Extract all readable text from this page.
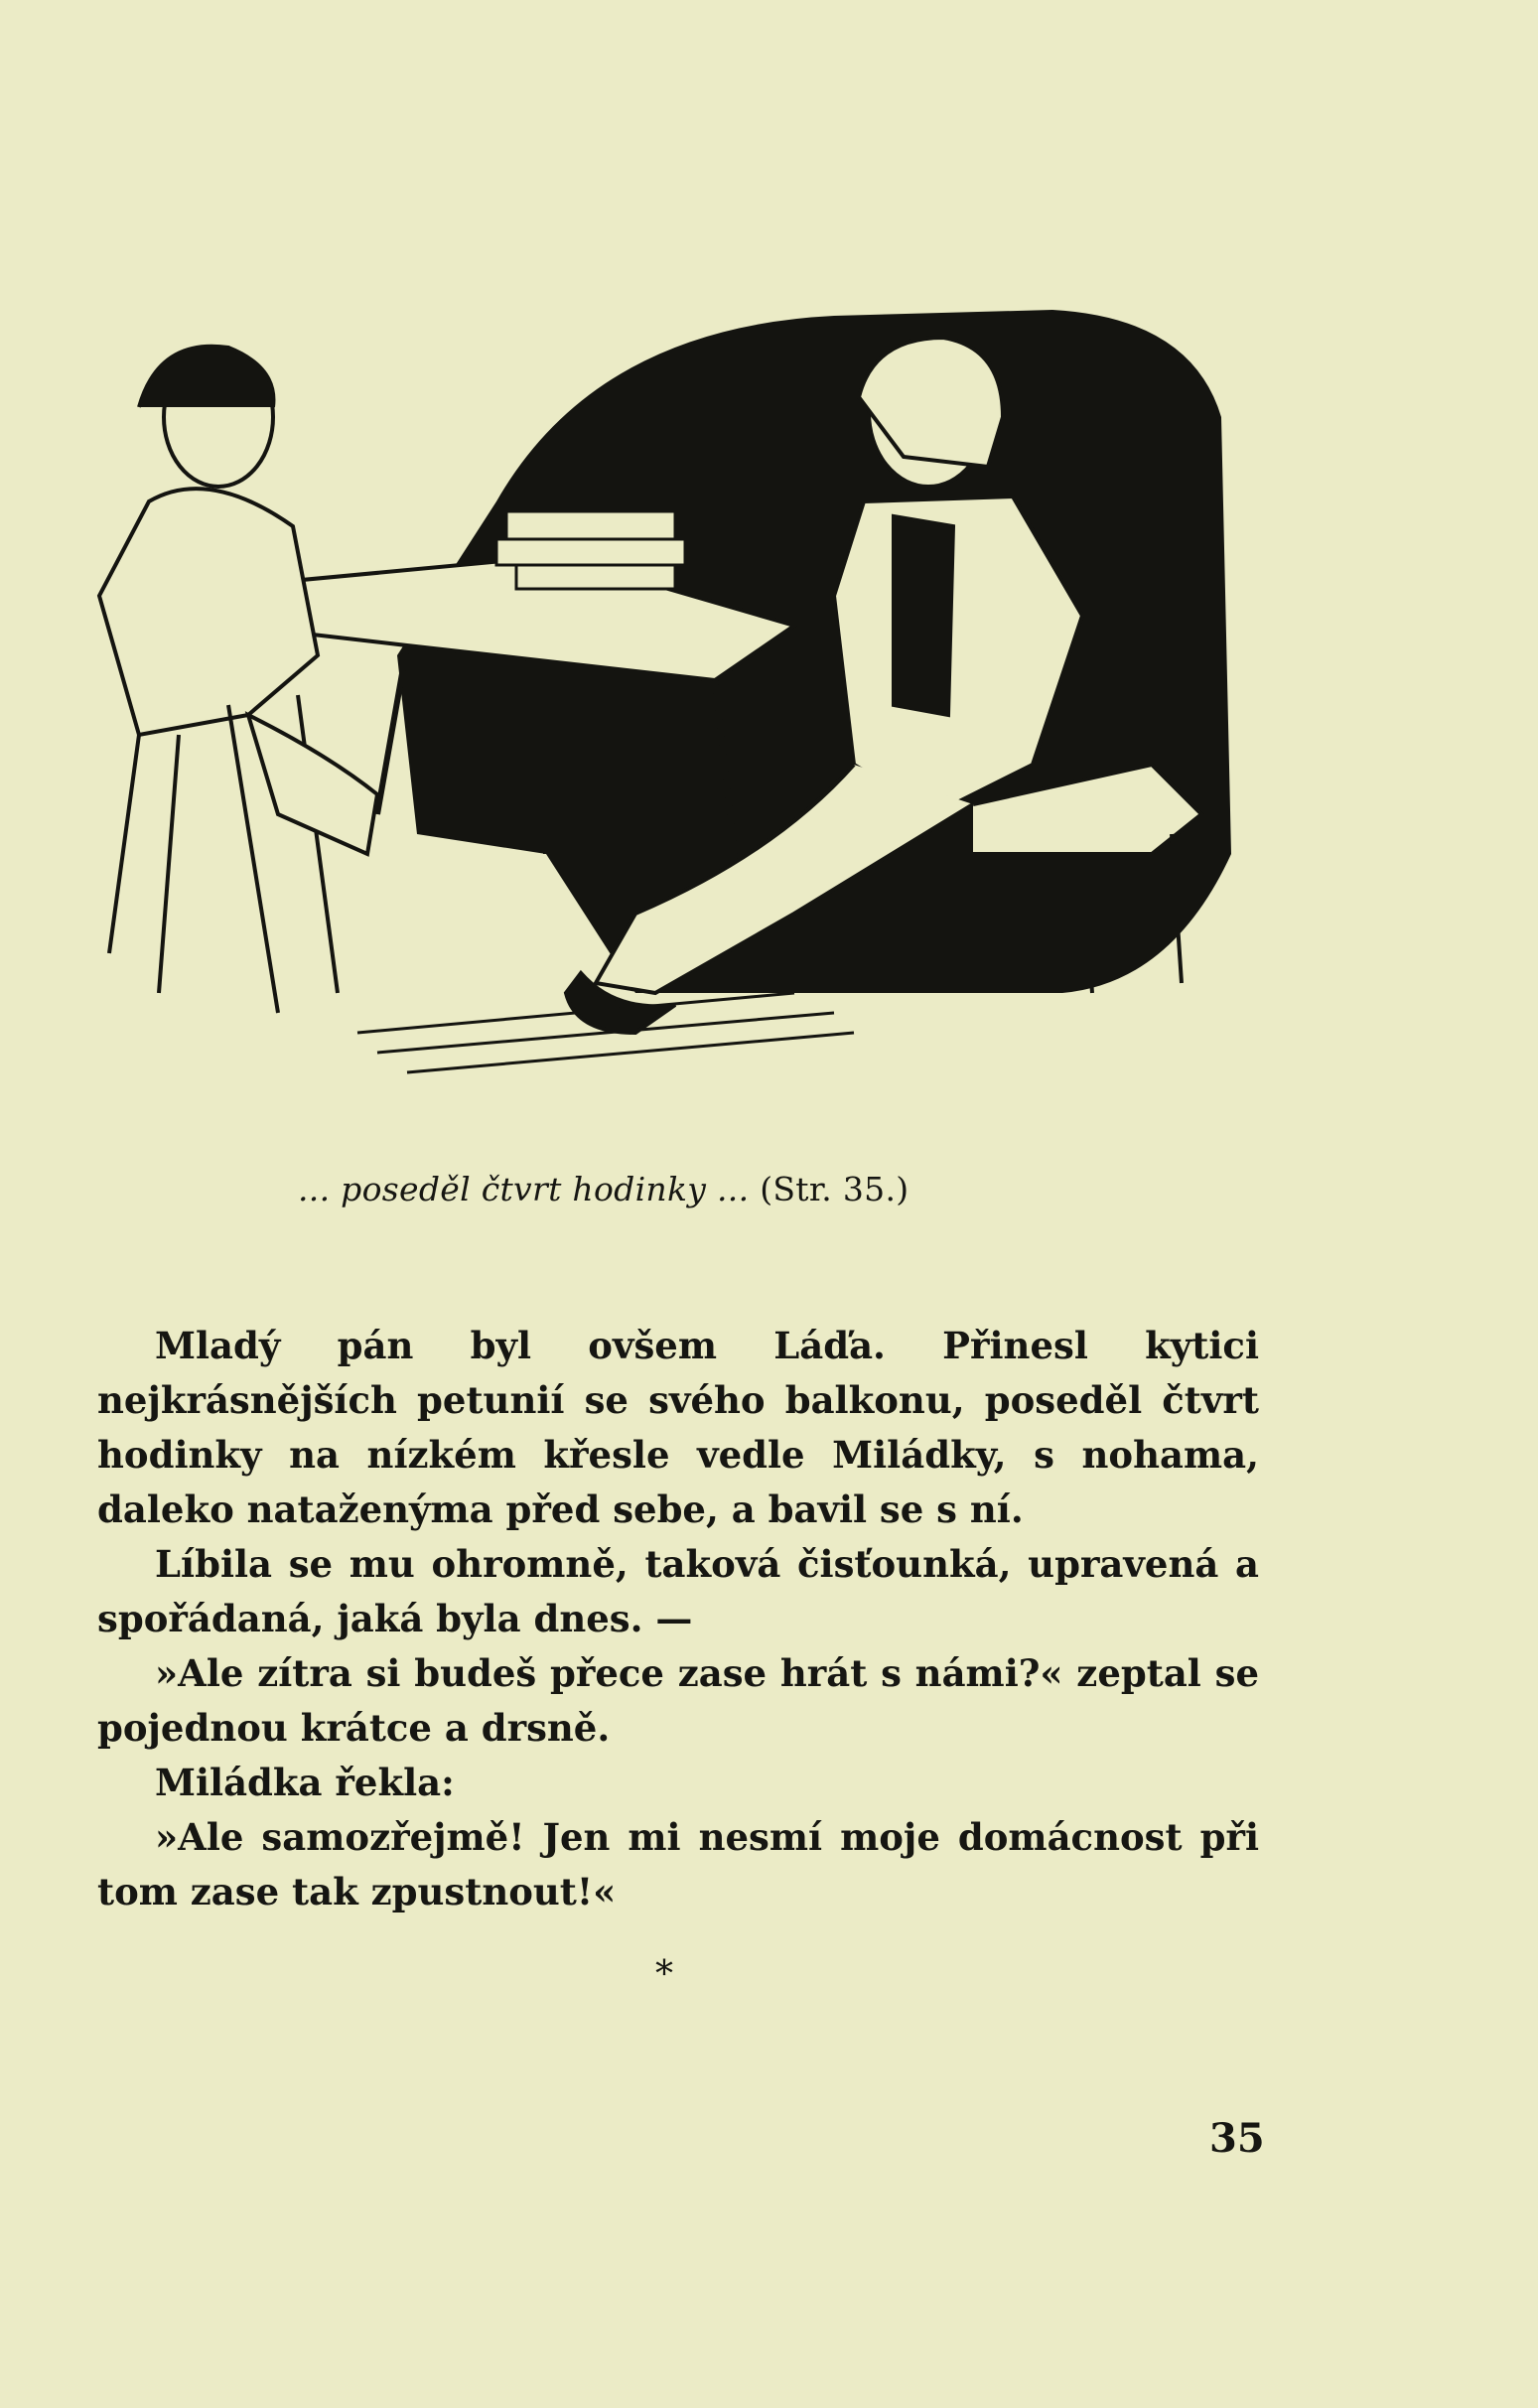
... poseděl čtvrt hodinky ... (Str. 35.)

Mladý pán byl ovšem Láďa. Přinesl kytici nejkrásnějších petunií se svého balkonu, poseděl čtvrt hodinky na nízkém křesle vedle Miládky, s nohama, daleko nataženýma před sebe, a bavil se s ní.

Líbila se mu ohromně, taková čisťounká, upravená a spořádaná, jaká byla dnes. —

»Ale zítra si budeš přece zase hrát s námi?« zeptal se pojednou krátce a drsně.

Miládka řekla:

»Ale samozřejmě! Jen mi nesmí moje domácnost při tom zase tak zpustnout!«

*
35
